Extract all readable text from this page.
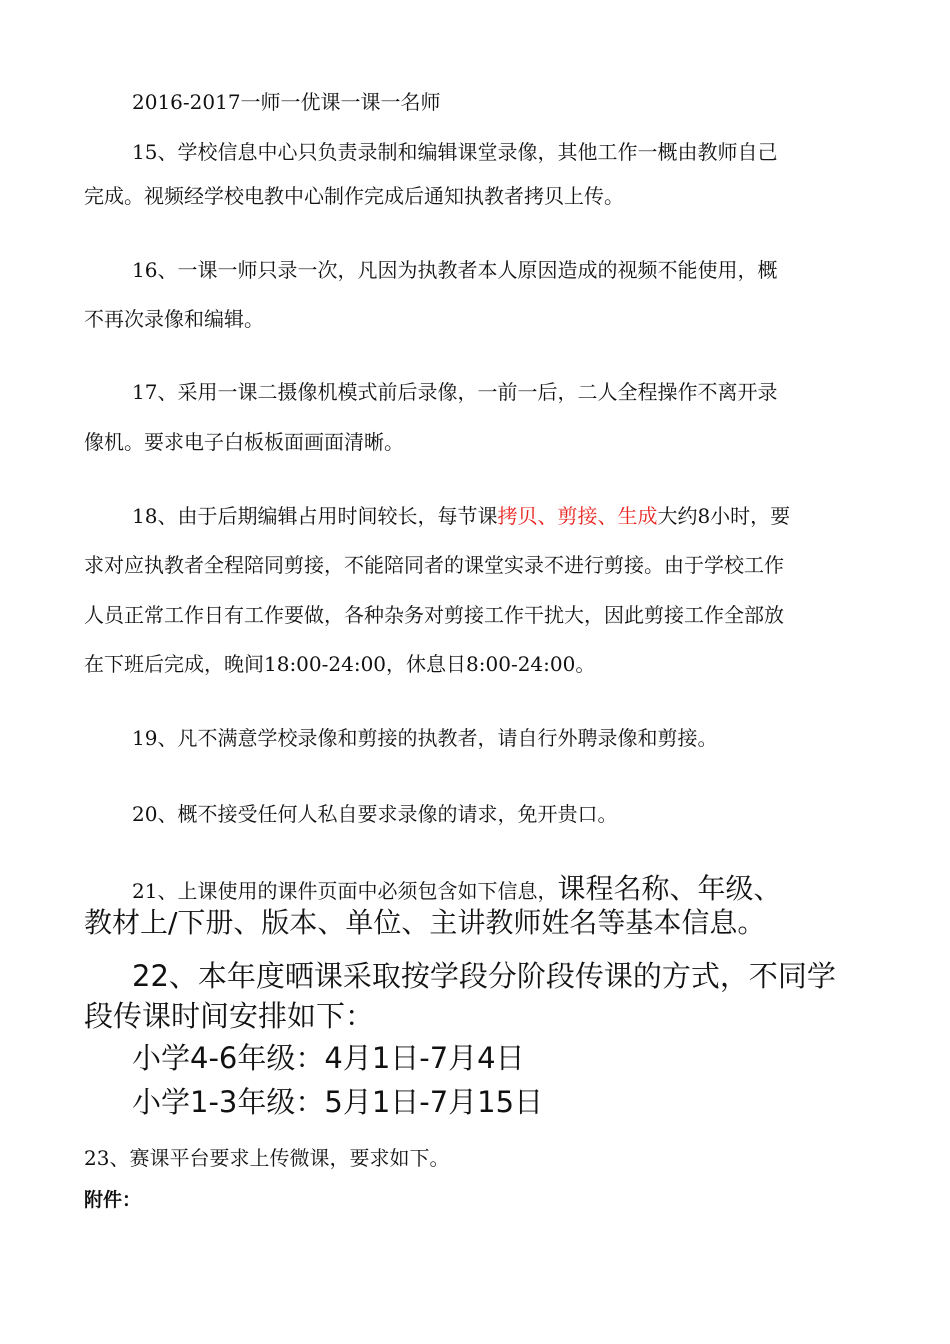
2016-2017一师一优课一课一名师
15、学校信息中心只负责录制和编辑课堂录像，其他工作一概由教师自己
完成。视频经学校电教中心制作完成后通知执教者拷贝上传。
16、一课一师只录一次，凡因为执教者本人原因造成的视频不能使用，概
不再次录像和编辑。
17、采用一课二摄像机模式前后录像，一前一后，二人全程操作不离开录
像机。要求电子白板板面画面清晰。
18、由于后期编辑占用时间较长，每节课拷贝、剪接、生成大约8小时，要
求对应执教者全程陪同剪接，不能陪同者的课堂实录不进行剪接。由于学校工作
人员正常工作日有工作要做，各种杂务对剪接工作干扰大，因此剪接工作全部放
在下班后完成，晚间18:00-24:00，休息日8:00-24:00。
19、凡不满意学校录像和剪接的执教者，请自行外聘录像和剪接。
20、概不接受任何人私自要求录像的请求，免开贵口。
21、上课使用的课件页面中必须包含如下信息，课程名称、年级、
教材上/下册、版本、单位、主讲教师姓名等基本信息。
22、本年度晒课采取按学段分阶段传课的方式，不同学
段传课时间安排如下：
小学4-6年级：4月1日-7月4日
小学1-3年级：5月1日-7月15日
23、赛课平台要求上传微课，要求如下。
附件：
